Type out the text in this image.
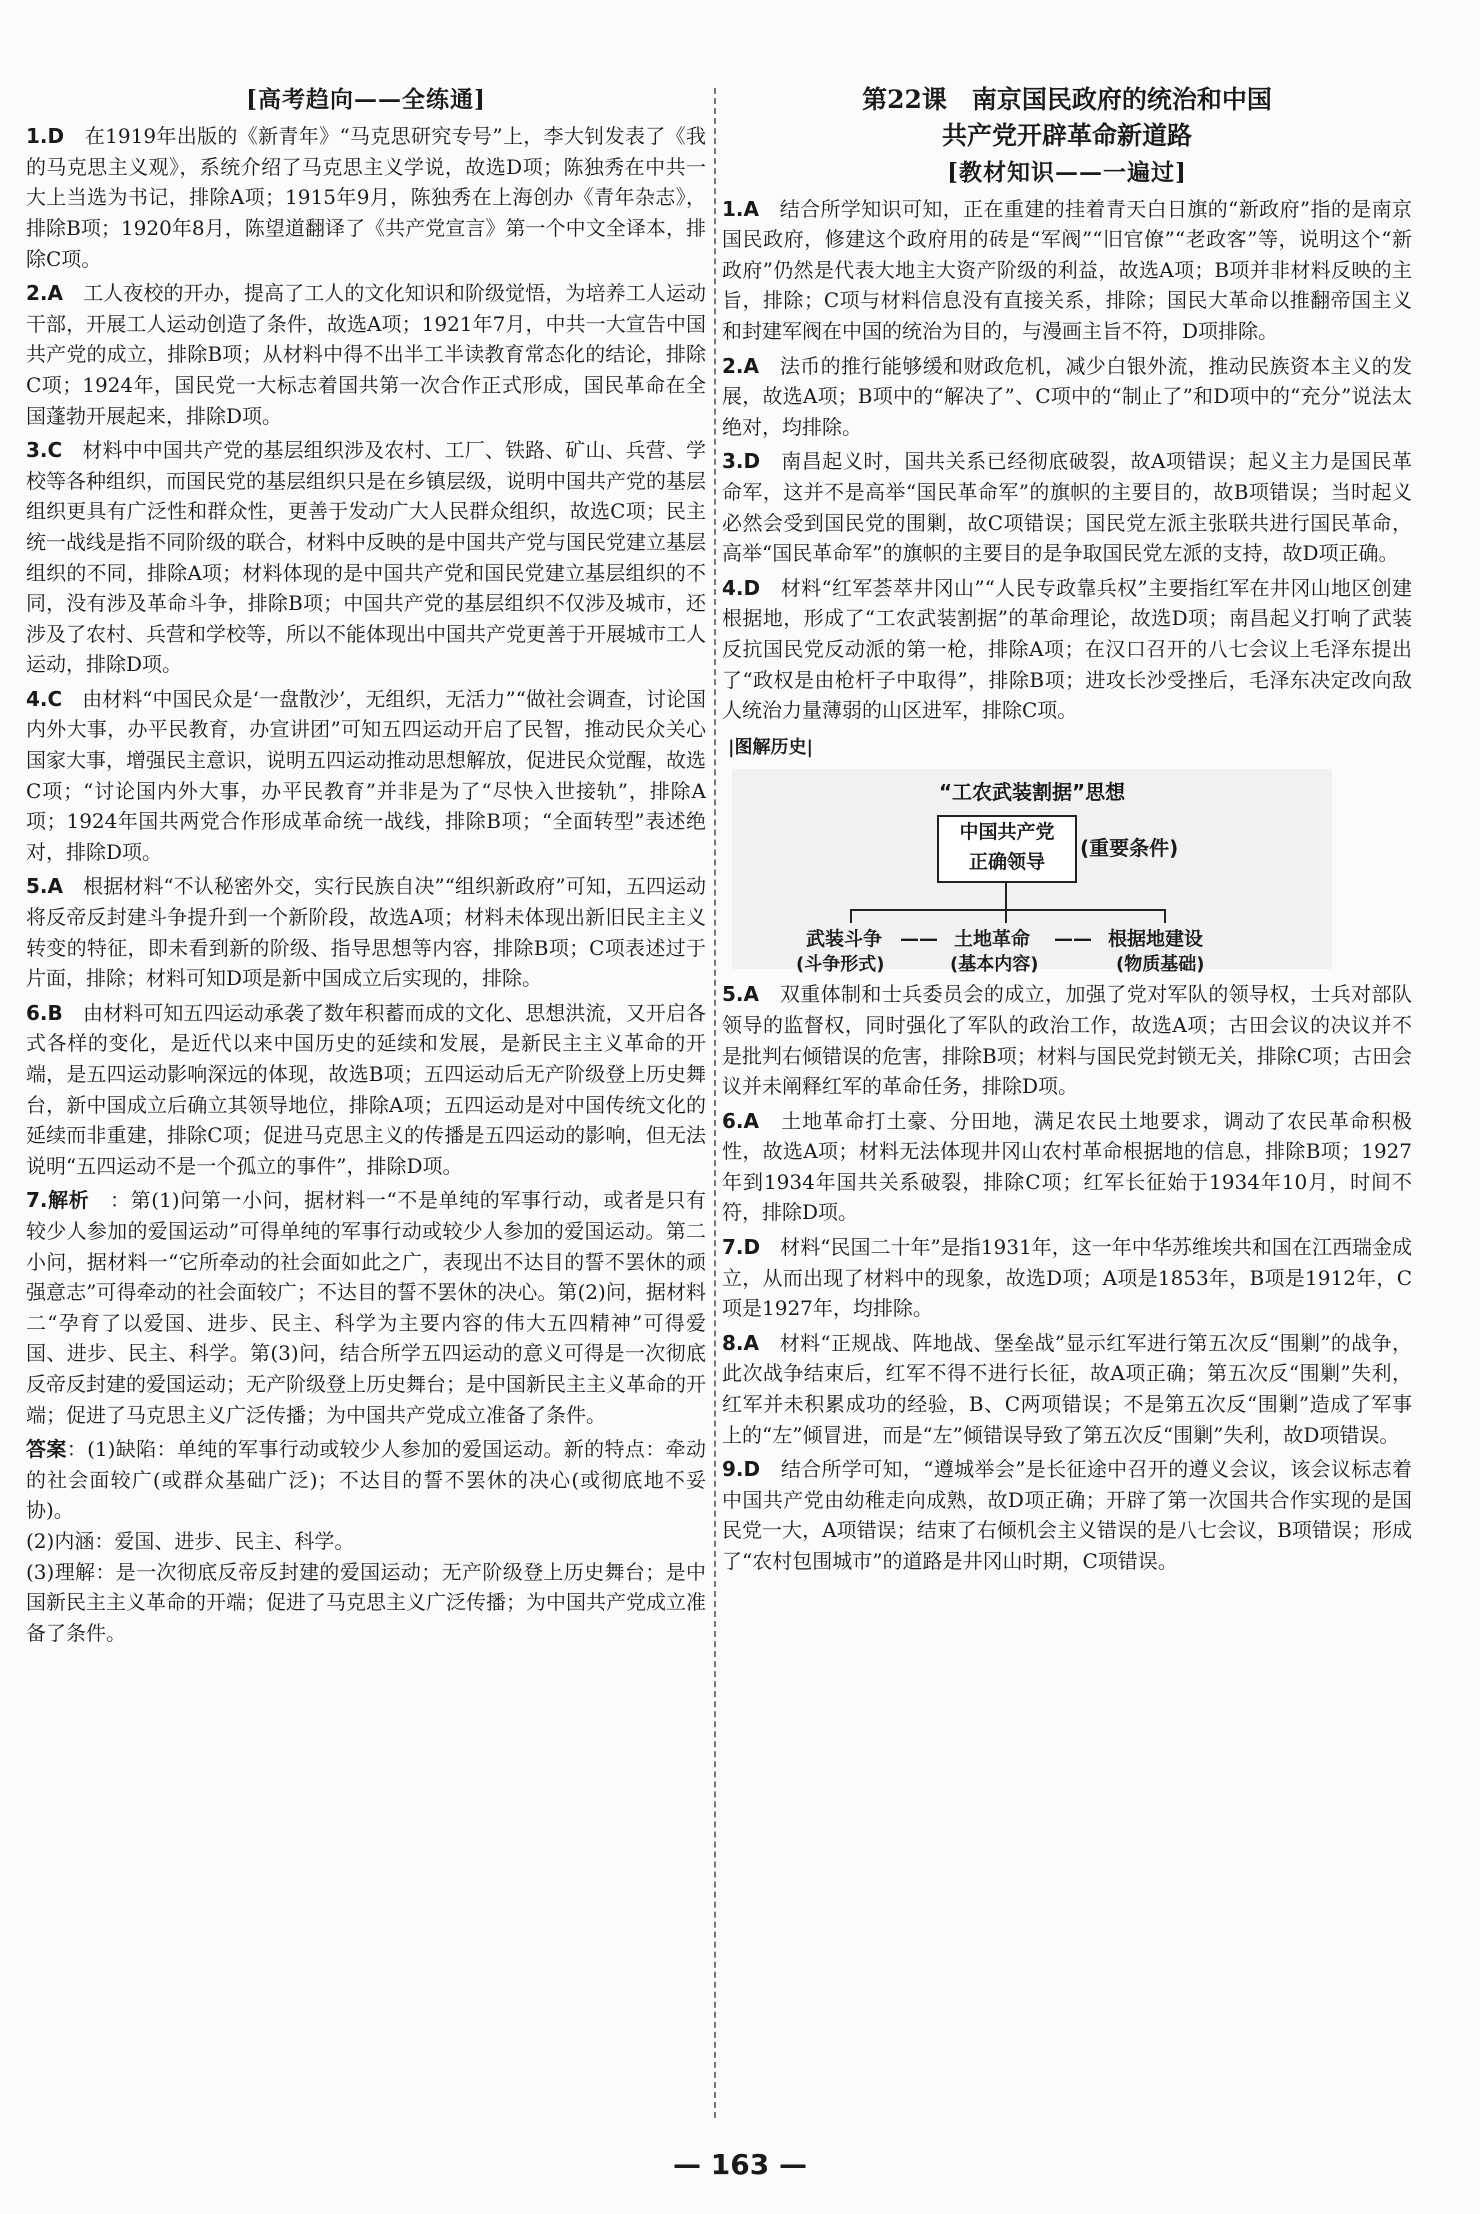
[高考趋向——全练通]
1.D　 在1919年出版的《新青年》“马克思研究专号”上，李大钊发表了《我的马克思主义观》，系统介绍了马克思主义学说，故选D项；陈独秀在中共一大上当选为书记，排除A项；1915年9月，陈独秀在上海创办《青年杂志》，排除B项；1920年8月，陈望道翻译了《共产党宣言》第一个中文全译本，排除C项。
2.A　 工人夜校的开办，提高了工人的文化知识和阶级觉悟，为培养工人运动干部，开展工人运动创造了条件，故选A项；1921年7月，中共一大宣告中国共产党的成立，排除B项；从材料中得不出半工半读教育常态化的结论，排除C项；1924年，国民党一大标志着国共第一次合作正式形成，国民革命在全国蓬勃开展起来，排除D项。
3.C　 材料中中国共产党的基层组织涉及农村、工厂、铁路、矿山、兵营、学校等各种组织，而国民党的基层组织只是在乡镇层级，说明中国共产党的基层组织更具有广泛性和群众性，更善于发动广大人民群众组织，故选C项；民主统一战线是指不同阶级的联合，材料中反映的是中国共产党与国民党建立基层组织的不同，排除A项；材料体现的是中国共产党和国民党建立基层组织的不同，没有涉及革命斗争，排除B项；中国共产党的基层组织不仅涉及城市，还涉及了农村、兵营和学校等，所以不能体现出中国共产党更善于开展城市工人运动，排除D项。
4.C　 由材料“中国民众是‘一盘散沙’，无组织，无活力”“做社会调查，讨论国内外大事，办平民教育，办宣讲团”可知五四运动开启了民智，推动民众关心国家大事，增强民主意识，说明五四运动推动思想解放，促进民众觉醒，故选C项；“讨论国内外大事，办平民教育”并非是为了“尽快入世接轨”，排除A项；1924年国共两党合作形成革命统一战线，排除B项；“全面转型”表述绝对，排除D项。
5.A　 根据材料“不认秘密外交，实行民族自决”“组织新政府”可知，五四运动将反帝反封建斗争提升到一个新阶段，故选A项；材料未体现出新旧民主主义转变的特征，即未看到新的阶级、指导思想等内容，排除B项；C项表述过于片面，排除；材料可知D项是新中国成立后实现的，排除。
6.B　 由材料可知五四运动承袭了数年积蓄而成的文化、思想洪流，又开启各式各样的变化，是近代以来中国历史的延续和发展，是新民主主义革命的开端，是五四运动影响深远的体现，故选B项；五四运动后无产阶级登上历史舞台，新中国成立后确立其领导地位，排除A项；五四运动是对中国传统文化的延续而非重建，排除C项；促进马克思主义的传播是五四运动的影响，但无法说明“五四运动不是一个孤立的事件”，排除D项。
7.解析　 ：第(1)问第一小问，据材料一“不是单纯的军事行动，或者是只有较少人参加的爱国运动”可得单纯的军事行动或较少人参加的爱国运动。第二小问，据材料一“它所牵动的社会面如此之广，表现出不达目的誓不罢休的顽强意志”可得牵动的社会面较广；不达目的誓不罢休的决心。第(2)问，据材料二“孕育了以爱国、进步、民主、科学为主要内容的伟大五四精神”可得爱国、进步、民主、科学。第(3)问，结合所学五四运动的意义可得是一次彻底反帝反封建的爱国运动；无产阶级登上历史舞台；是中国新民主主义革命的开端；促进了马克思主义广泛传播；为中国共产党成立准备了条件。
答案：(1)缺陷：单纯的军事行动或较少人参加的爱国运动。新的特点：牵动的社会面较广(或群众基础广泛)；不达目的誓不罢休的决心(或彻底地不妥协)。
(2)内涵：爱国、进步、民主、科学。
(3)理解：是一次彻底反帝反封建的爱国运动；无产阶级登上历史舞台；是中国新民主主义革命的开端；促进了马克思主义广泛传播；为中国共产党成立准备了条件。
第22课　南京国民政府的统治和中国
共产党开辟革命新道路
[教材知识——一遍过]
1.A　 结合所学知识可知，正在重建的挂着青天白日旗的“新政府”指的是南京国民政府，修建这个政府用的砖是“军阀”“旧官僚”“老政客”等，说明这个“新政府”仍然是代表大地主大资产阶级的利益，故选A项；B项并非材料反映的主旨，排除；C项与材料信息没有直接关系，排除；国民大革命以推翻帝国主义和封建军阀在中国的统治为目的，与漫画主旨不符，D项排除。
2.A　 法币的推行能够缓和财政危机，减少白银外流，推动民族资本主义的发展，故选A项；B项中的“解决了”、C项中的“制止了”和D项中的“充分”说法太绝对，均排除。
3.D　 南昌起义时，国共关系已经彻底破裂，故A项错误；起义主力是国民革命军，这并不是高举“国民革命军”的旗帜的主要目的，故B项错误；当时起义必然会受到国民党的围剿，故C项错误；国民党左派主张联共进行国民革命，高举“国民革命军”的旗帜的主要目的是争取国民党左派的支持，故D项正确。
4.D　 材料“红军荟萃井冈山”“人民专政靠兵权”主要指红军在井冈山地区创建根据地，形成了“工农武装割据”的革命理论，故选D项；南昌起义打响了武装反抗国民党反动派的第一枪，排除A项；在汉口召开的八七会议上毛泽东提出了“政权是由枪杆子中取得”，排除B项；进攻长沙受挫后，毛泽东决定改向敌人统治力量薄弱的山区进军，排除C项。
|图解历史|
“工农武装割据”思想
中国共产党
正确领导
(重要条件)
武装斗争 —— 土地革命 —— 根据地建设
(斗争形式)	(基本内容)	(物质基础)
5.A　 双重体制和士兵委员会的成立，加强了党对军队的领导权，士兵对部队领导的监督权，同时强化了军队的政治工作，故选A项；古田会议的决议并不是批判右倾错误的危害，排除B项；材料与国民党封锁无关，排除C项；古田会议并未阐释红军的革命任务，排除D项。
6.A　 土地革命打土豪、分田地，满足农民土地要求，调动了农民革命积极性，故选A项；材料无法体现井冈山农村革命根据地的信息，排除B项；1927年到1934年国共关系破裂，排除C项；红军长征始于1934年10月，时间不符，排除D项。
7.D　 材料“民国二十年”是指1931年，这一年中华苏维埃共和国在江西瑞金成立，从而出现了材料中的现象，故选D项；A项是1853年，B项是1912年，C项是1927年，均排除。
8.A　 材料“正规战、阵地战、堡垒战”显示红军进行第五次反“围剿”的战争，此次战争结束后，红军不得不进行长征，故A项正确；第五次反“围剿”失利，红军并未积累成功的经验，B、C两项错误；不是第五次反“围剿”造成了军事上的“左”倾冒进，而是“左”倾错误导致了第五次反“围剿”失利，故D项错误。
9.D　 结合所学可知，“遵城举会”是长征途中召开的遵义会议，该会议标志着中国共产党由幼稚走向成熟，故D项正确；开辟了第一次国共合作实现的是国民党一大，A项错误；结束了右倾机会主义错误的是八七会议，B项错误；形成了“农村包围城市”的道路是井冈山时期，C项错误。
— 163 —
